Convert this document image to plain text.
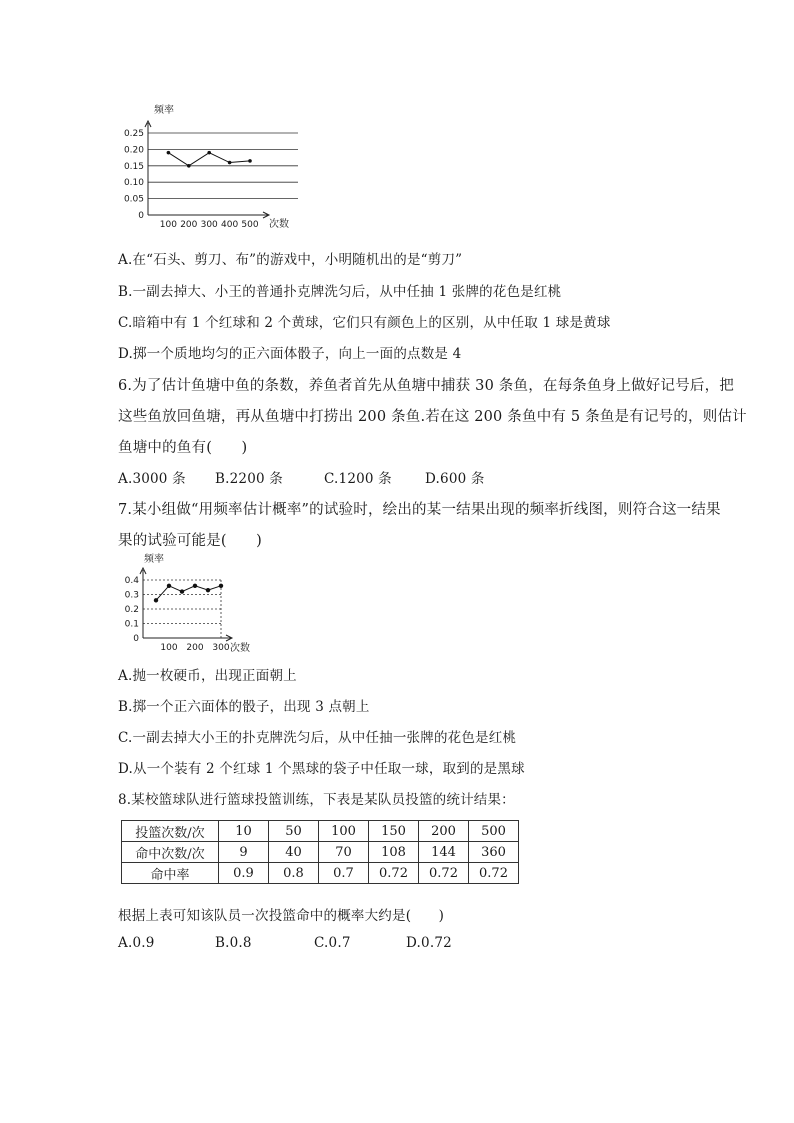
0
0.05
0.10
0.15
0.20
0.25
100 200 300 400 500
频率
次数
A.在“石头、剪刀、布”的游戏中，小明随机出的是“剪刀”
B.一副去掉大、小王的普通扑克牌洗匀后，从中任抽 1 张牌的花色是红桃
C.暗箱中有 1 个红球和 2 个黄球，它们只有颜色上的区别，从中任取 1 球是黄球
D.掷一个质地均匀的正六面体骰子，向上一面的点数是 4
6.为了估计鱼塘中鱼的条数，养鱼者首先从鱼塘中捕获 30 条鱼，在每条鱼身上做好记号后，把
这些鱼放回鱼塘，再从鱼塘中打捞出 200 条鱼.若在这 200 条鱼中有 5 条鱼是有记号的，则估计
鱼塘中的鱼有(　　)
A.3000 条 B.2200 条	C.1200 条 D.600 条
7.某小组做“用频率估计概率”的试验时，绘出的某一结果出现的频率折线图，则符合这一结果
果的试验可能是(　　)
0
0.1
0.2
0.3
0.4
100 200 300
频率
次数
A.抛一枚硬币，出现正面朝上
B.掷一个正六面体的骰子，出现 3 点朝上
C.一副去掉大小王的扑克牌洗匀后，从中任抽一张牌的花色是红桃
D.从一个装有 2 个红球 1 个黑球的袋子中任取一球，取到的是黑球
8.某校篮球队进行篮球投篮训练，下表是某队员投篮的统计结果：
投篮次数/次	10	50	100	150	200	500
命中次数/次	9	40	70	108	144	360
命中率	0.9	0.8	0.7	0.72	0.72	0.72
根据上表可知该队员一次投篮命中的概率大约是(　　)
A.0.9	B.0.8	C.0.7	D.0.72
